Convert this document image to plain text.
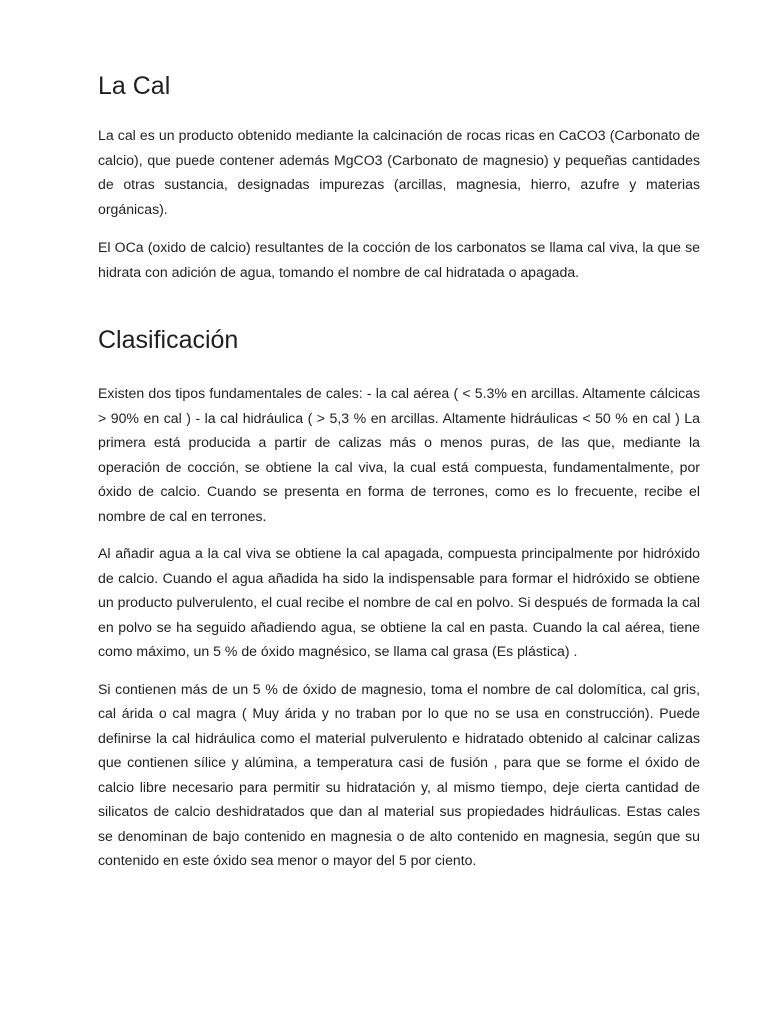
La Cal

La cal es un producto obtenido mediante la calcinación de rocas ricas en CaCO3 (Carbonato de calcio), que puede contener además MgCO3 (Carbonato de magnesio) y pequeñas cantidades de otras sustancia, designadas impurezas (arcillas, magnesia, hierro, azufre y materias orgánicas).

El OCa (oxido de calcio) resultantes de la cocción de los carbonatos se llama cal viva, la que se hidrata con adición de agua, tomando el nombre de cal hidratada o apagada.

Clasificación

Existen dos tipos fundamentales de cales: - la cal aérea ( < 5.3% en arcillas. Altamente cálcicas > 90% en cal ) - la cal hidráulica ( > 5,3 % en arcillas. Altamente hidráulicas < 50 % en cal ) La primera está producida a partir de calizas más o menos puras, de las que, mediante la operación de cocción, se obtiene la cal viva, la cual está compuesta, fundamentalmente, por óxido de calcio. Cuando se presenta en forma de terrones, como es lo frecuente, recibe el nombre de cal en terrones.

Al añadir agua a la cal viva se obtiene la cal apagada, compuesta principalmente por hidróxido de calcio. Cuando el agua añadida ha sido la indispensable para formar el hidróxido se obtiene un producto pulverulento, el cual recibe el nombre de cal en polvo. Si después de formada la cal en polvo se ha seguido añadiendo agua, se obtiene la cal en pasta. Cuando la cal aérea, tiene como máximo, un 5 % de óxido magnésico, se llama cal grasa (Es plástica) .

Si contienen más de un 5 % de óxido de magnesio, toma el nombre de cal dolomítica, cal gris, cal árida o cal magra ( Muy árida y no traban por lo que no se usa en construcción). Puede definirse la cal hidráulica como el material pulverulento e hidratado obtenido al calcinar calizas que contienen sílice y alúmina, a temperatura casi de fusión , para que se forme el óxido de calcio libre necesario para permitir su hidratación y, al mismo tiempo, deje cierta cantidad de silicatos de calcio deshidratados que dan al material sus propiedades hidráulicas. Estas cales se denominan de bajo contenido en magnesia o de alto contenido en magnesia, según que su contenido en este óxido sea menor o mayor del 5 por ciento.
